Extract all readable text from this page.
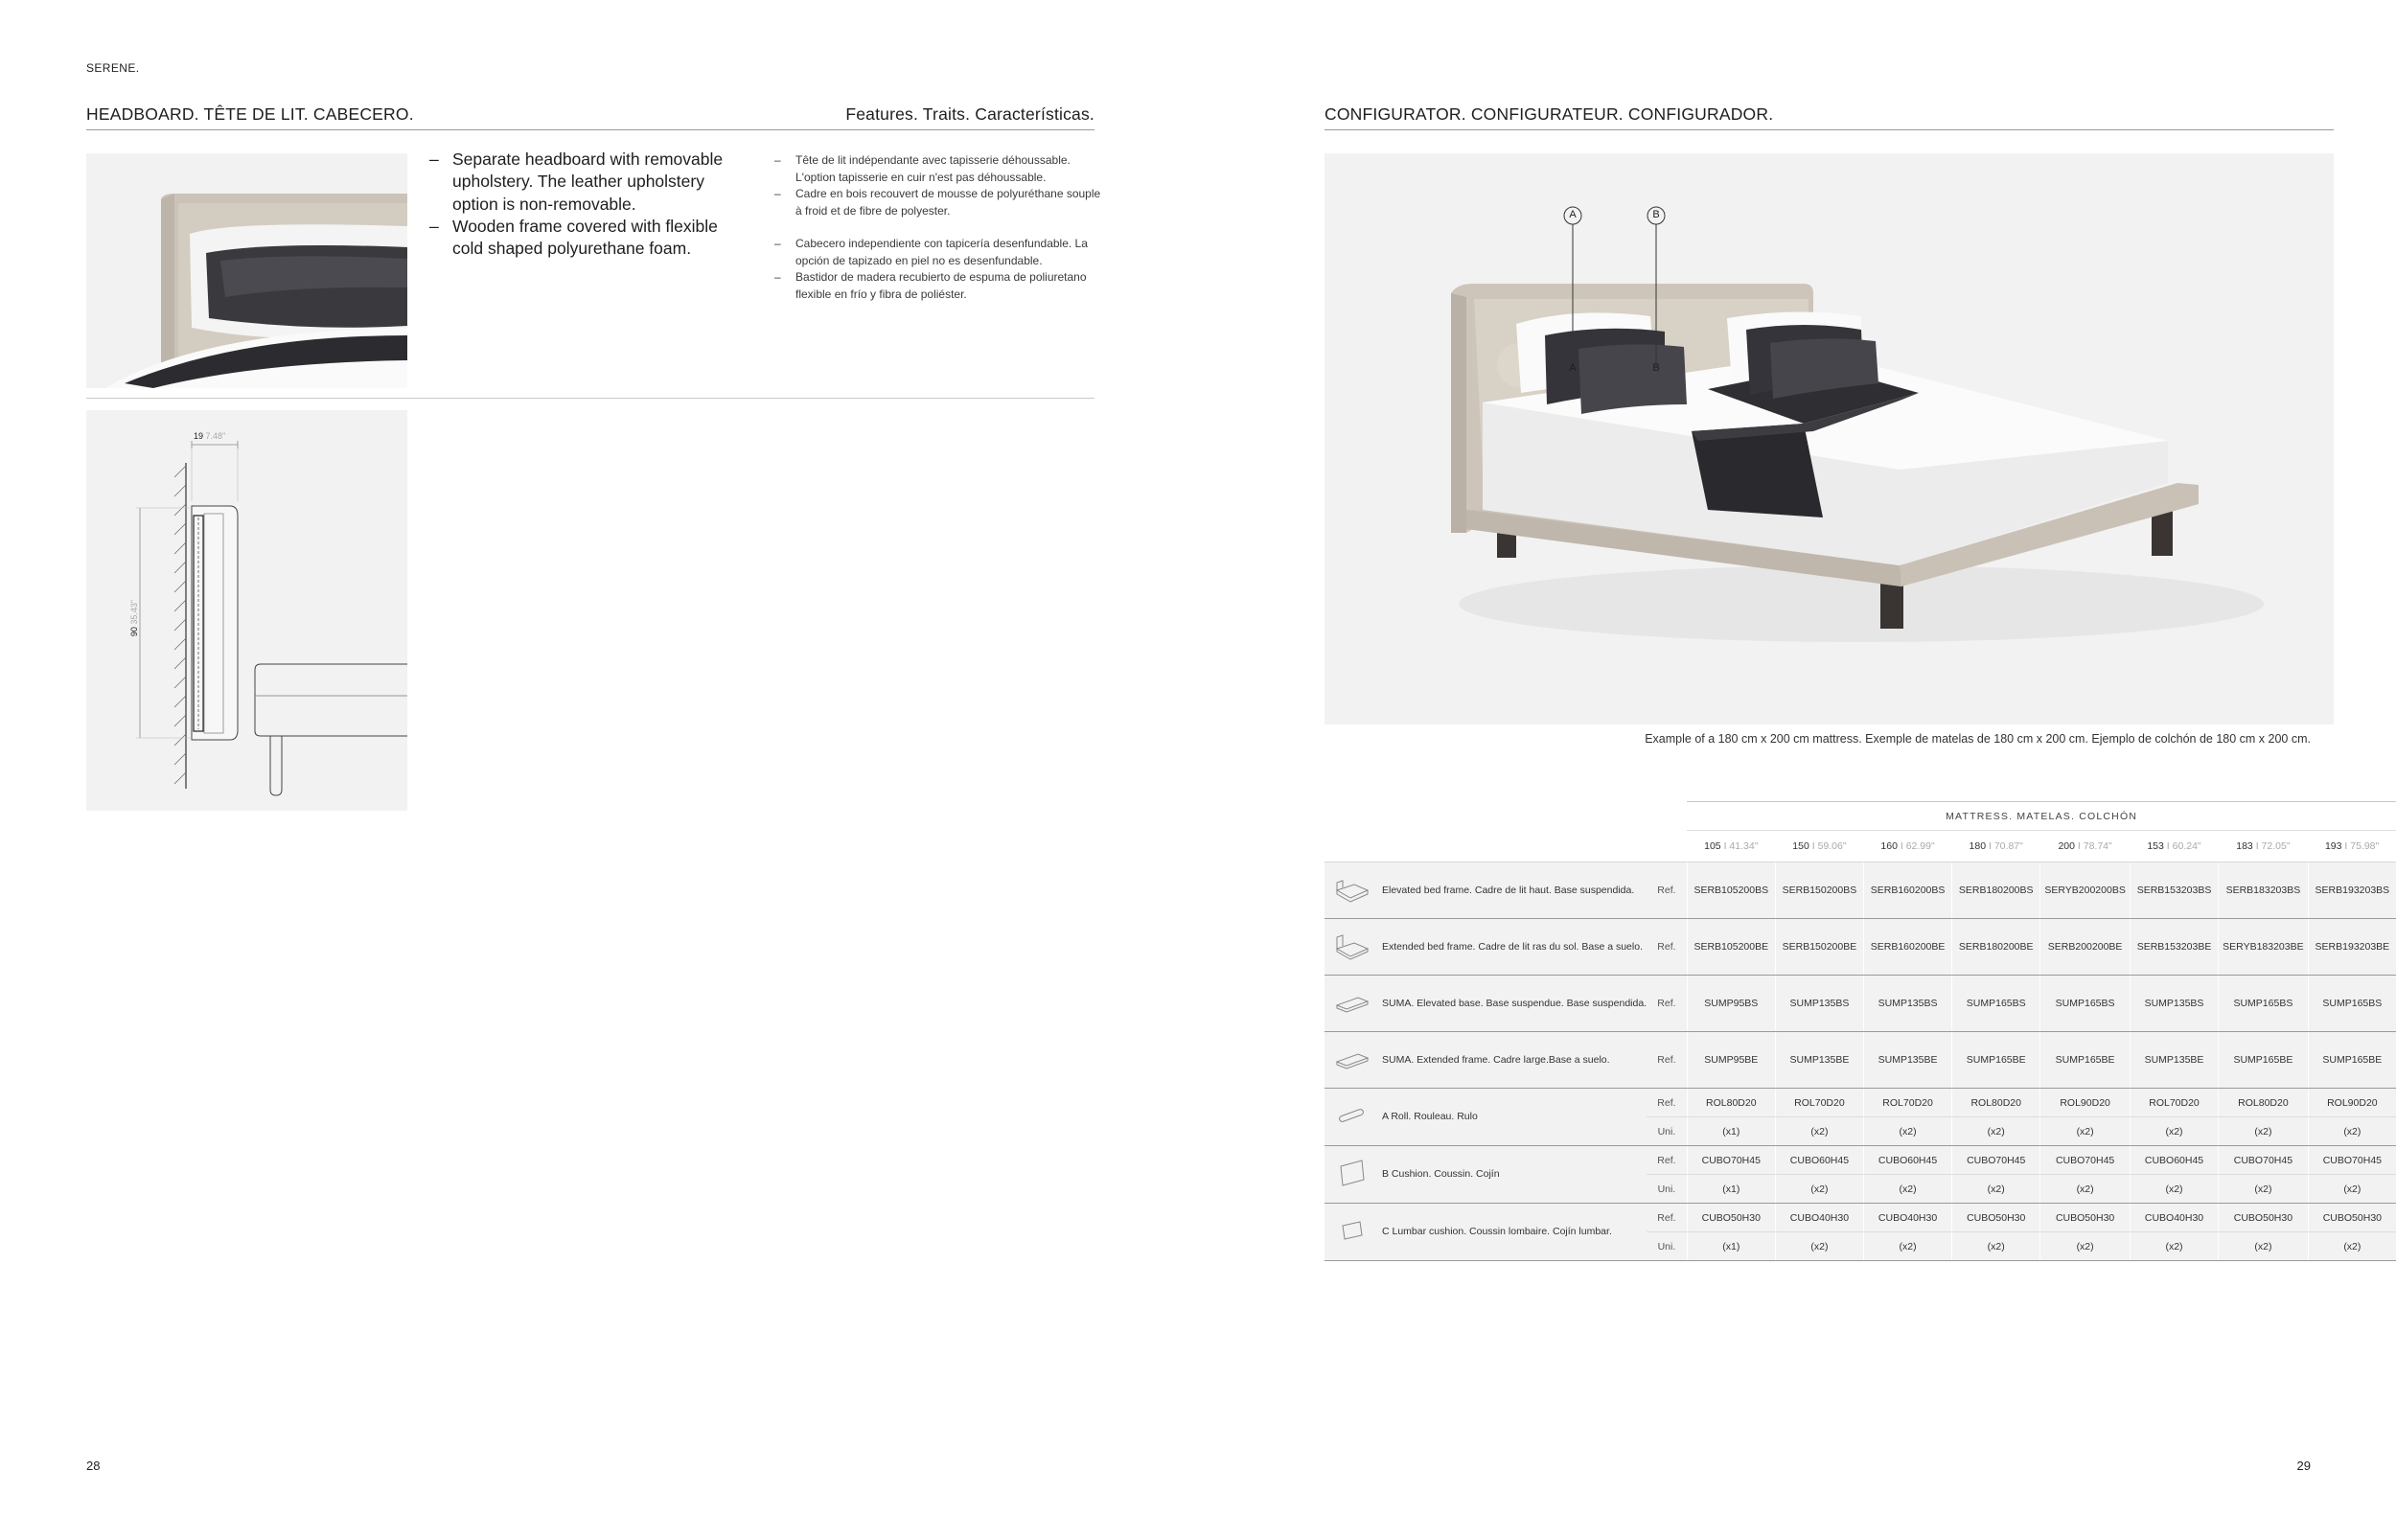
SERENE.
HEADBOARD. TÊTE DE LIT. CABECERO.	Features. Traits. Características.
– Separate headboard with removable upholstery. The leather upholstery option is non-removable.
– Wooden frame covered with flexible cold shaped polyurethane foam.
–	Tête de lit indépendante avec tapisserie déhoussable. L'option tapisserie en cuir n'est pas déhoussable.
–	Cadre en bois recouvert de mousse de polyuréthane souple à froid et de fibre de polyester.
–	Cabecero independiente con tapicería desenfundable. La opción de tapizado en piel no es desenfundable.
–	Bastidor de madera recubierto de espuma de poliuretano flexible en frío y fibra de poliéster.
19 7.48"
90 35.43"
28
CONFIGURATOR. CONFIGURATEUR. CONFIGURADOR.
A	B
A	B
Example of a 180 cm x 200 cm mattress. Exemple de matelas de 180 cm x 200 cm. Ejemplo de colchón de 180 cm x 200 cm.
			MATTRESS. MATELAS. COLCHÓN							
			105 I 41.34"	150 I 59.06"	160 I 62.99"	180 I 70.87"	200 I 78.74"	153 I 60.24"	183 I 72.05"	193 I 75.98"
	Elevated bed frame. Cadre de lit haut. Base suspendida.	Ref.	SERB105200BS	SERB150200BS	SERB160200BS	SERB180200BS	SERYB200200BS	SERB153203BS	SERB183203BS	SERB193203BS
	Extended bed frame. Cadre de lit ras du sol. Base a suelo.	Ref.	SERB105200BE	SERB150200BE	SERB160200BE	SERB180200BE	SERB200200BE	SERB153203BE	SERYB183203BE	SERB193203BE
	SUMA. Elevated base. Base suspendue. Base suspendida.	Ref.	SUMP95BS	SUMP135BS	SUMP135BS	SUMP165BS	SUMP165BS	SUMP135BS	SUMP165BS	SUMP165BS
	SUMA. Extended frame. Cadre large.Base a suelo.	Ref.	SUMP95BE	SUMP135BE	SUMP135BE	SUMP165BE	SUMP165BE	SUMP135BE	SUMP165BE	SUMP165BE
	A Roll. Rouleau. Rulo	Ref.	ROL80D20	ROL70D20	ROL70D20	ROL80D20	ROL90D20	ROL70D20	ROL80D20	ROL90D20
		Uni.	(x1)	(x2)	(x2)	(x2)	(x2)	(x2)	(x2)	(x2)
	B Cushion. Coussin. Cojín	Ref.	CUBO70H45	CUBO60H45	CUBO60H45	CUBO70H45	CUBO70H45	CUBO60H45	CUBO70H45	CUBO70H45
		Uni.	(x1)	(x2)	(x2)	(x2)	(x2)	(x2)	(x2)	(x2)
	C Lumbar cushion. Coussin lombaire. Cojín lumbar.	Ref.	CUBO50H30	CUBO40H30	CUBO40H30	CUBO50H30	CUBO50H30	CUBO40H30	CUBO50H30	CUBO50H30
		Uni.	(x1)	(x2)	(x2)	(x2)	(x2)	(x2)	(x2)	(x2)
29
